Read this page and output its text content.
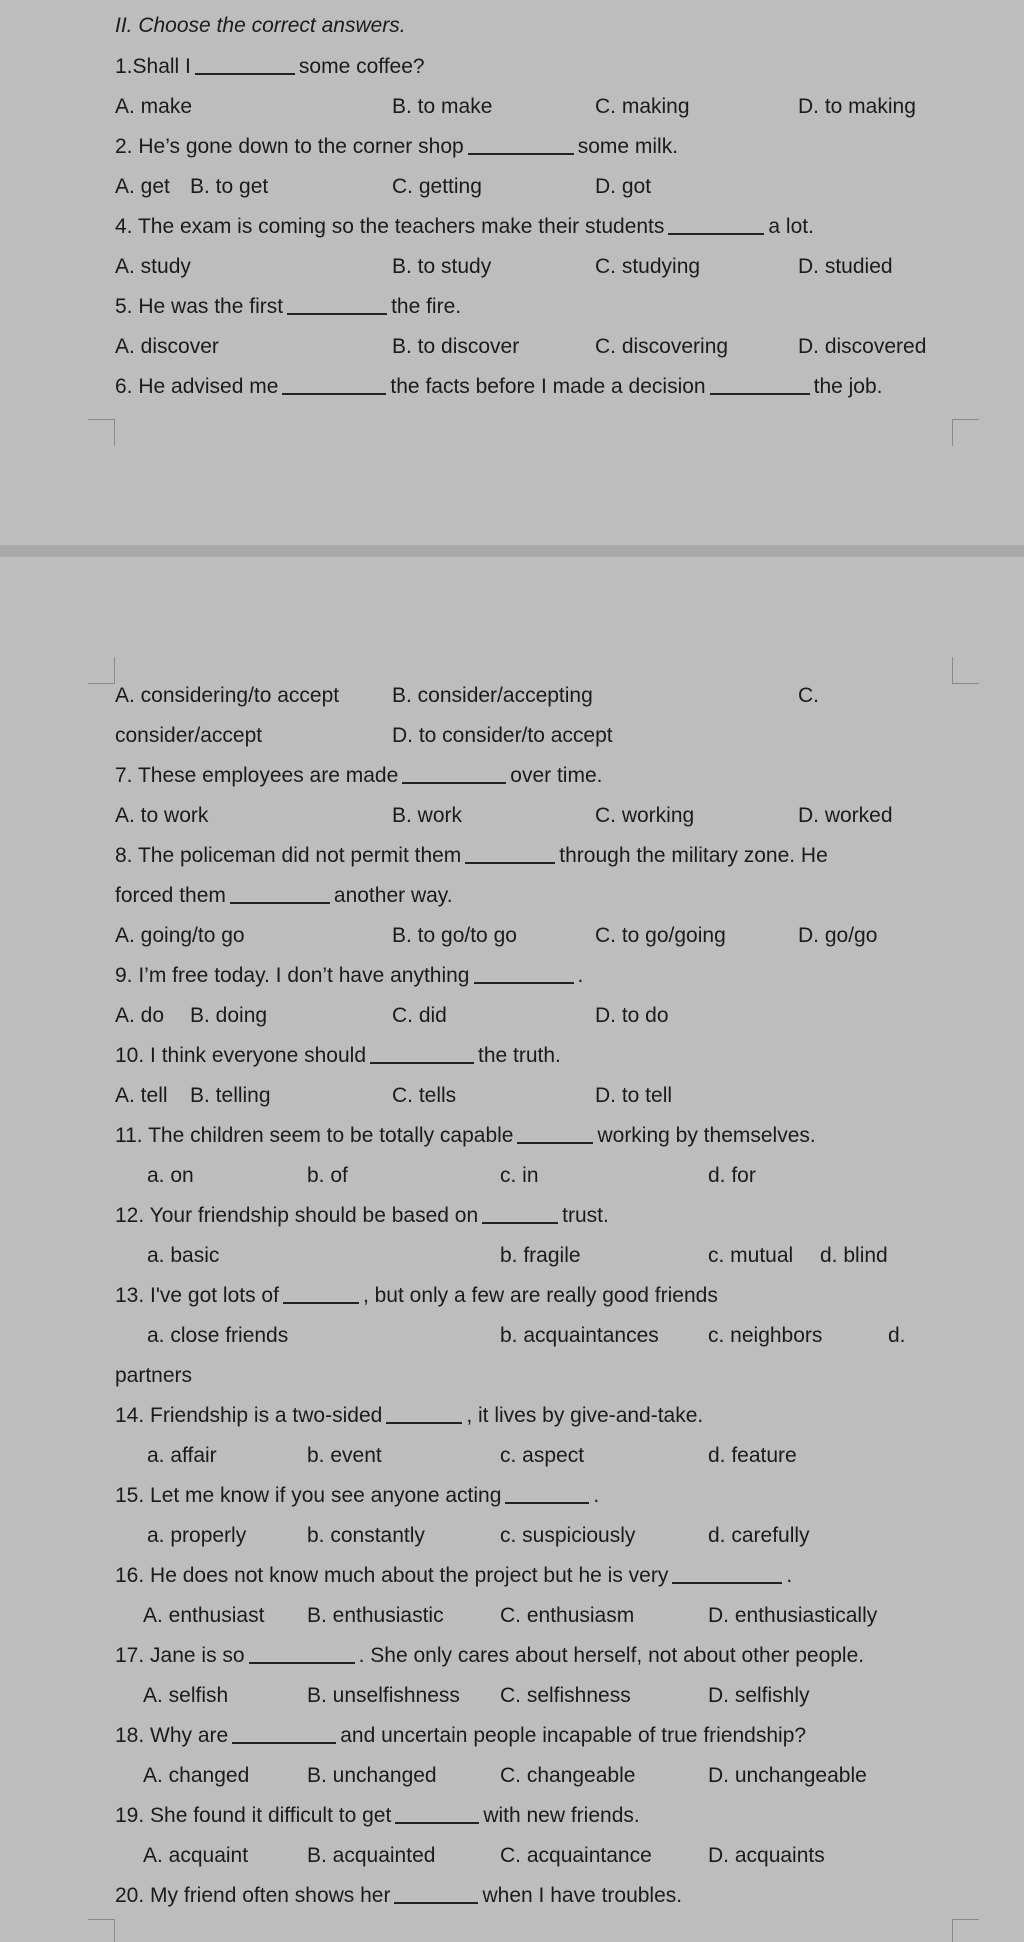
II. Choose the correct answers.
1.Shall I	some coffee?
A. make	B. to make	C. making	D. to making
2. He’s gone down to the corner shop	some milk.
A. get B. to get	C. getting	D. got
4. The exam is coming so the teachers make their students	a lot.
A. study	B. to study	C. studying	D. studied
5. He was the first	the fire.
A. discover	B. to discover	C. discovering	D. discovered
6. He advised me	the facts before I made a decision	the job.
A. considering/to accept	B. consider/accepting	C.
consider/accept	D. to consider/to accept
7. These employees are made	over time.
A. to work	B. work	C. working	D. worked
8. The policeman did not permit them	through the military zone. He
forced them	another way.
A. going/to go	B. to go/to go	C. to go/going	D. go/go
9. I’m free today. I don’t have anything	.
A. do B. doing	C. did	D. to do
10. I think everyone should	the truth.
A. tell B. telling	C. tells	D. to tell
11. The children seem to be totally capable	working by themselves.
a. on	b. of	c. in	d. for
12. Your friendship should be based on	trust.
a. basic	b. fragile	c. mutual d. blind
13. I've got lots of	, but only a few are really good friends
a. close friends	b. acquaintances c. neighbors	d.
partners
14. Friendship is a two-sided	, it lives by give-and-take.
a. affair	b. event	c. aspect	d. feature
15. Let me know if you see anyone acting	.
a. properly	b. constantly	c. suspiciously	d. carefully
16. He does not know much about the project but he is very	.
A. enthusiast B. enthusiastic	C. enthusiasm	D. enthusiastically
17. Jane is so	. She only cares about herself, not about other people.
A. selfish	B. unselfishness C. selfishness	D. selfishly
18. Why are	and uncertain people incapable of true friendship?
A. changed	B. unchanged	C. changeable	D. unchangeable
19. She found it difficult to get	with new friends.
A. acquaint	B. acquainted	C. acquaintance	D. acquaints
20. My friend often shows her	when I have troubles.
